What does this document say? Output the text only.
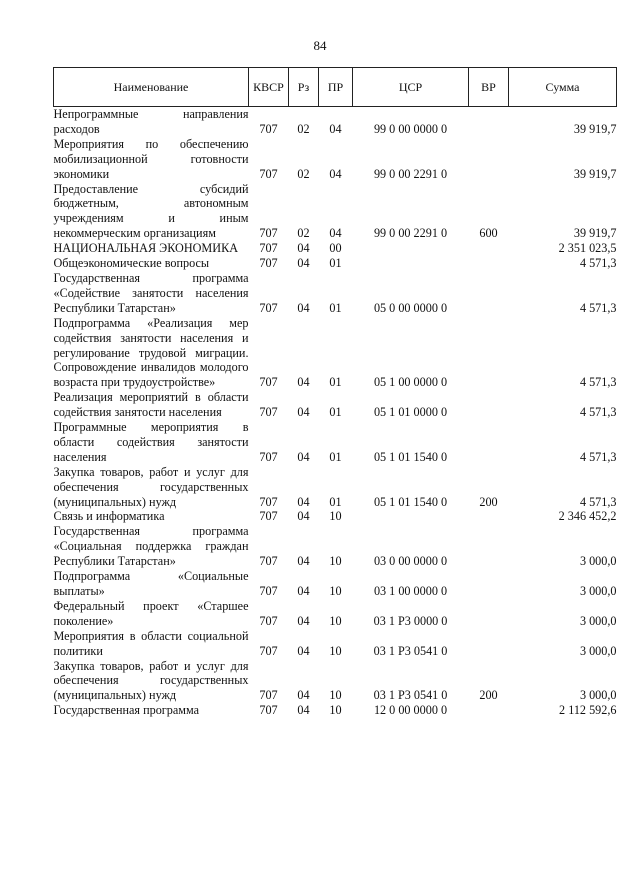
84
Наименование	КВСР	Рз	ПР	ЦСР	ВР	Сумма
Непрограммные направления расходов	707	02	04	99 0 00 0000 0		39 919,7
Мероприятия по обеспечению мобилизационной готовности экономики	707	02	04	99 0 00 2291 0		39 919,7
Предоставление субсидий бюджетным, автономным учреждениям и иным некоммерческим организациям	707	02	04	99 0 00 2291 0	600	39 919,7
НАЦИОНАЛЬНАЯ ЭКОНОМИКА	707	04	00			2 351 023,5
Общеэкономические вопросы	707	04	01			4 571,3
Государственная программа «Содействие занятости населения Республики Татарстан»	707	04	01	05 0 00 0000 0		4 571,3
Подпрограмма «Реализация мер содействия занятости населения и регулирование трудовой миграции. Сопровождение инвалидов молодого возраста при трудоустройстве»	707	04	01	05 1 00 0000 0		4 571,3
Реализация мероприятий в области содействия занятости населения	707	04	01	05 1 01 0000 0		4 571,3
Программные мероприятия в области содействия занятости населения	707	04	01	05 1 01 1540 0		4 571,3
Закупка товаров, работ и услуг для обеспечения государственных (муниципальных) нужд	707	04	01	05 1 01 1540 0	200	4 571,3
Связь и информатика	707	04	10			2 346 452,2
Государственная программа «Социальная поддержка граждан Республики Татарстан»	707	04	10	03 0 00 0000 0		3 000,0
Подпрограмма «Социальные выплаты»	707	04	10	03 1 00 0000 0		3 000,0
Федеральный проект «Старшее поколение»	707	04	10	03 1 P3 0000 0		3 000,0
Мероприятия в области социальной политики	707	04	10	03 1 P3 0541 0		3 000,0
Закупка товаров, работ и услуг для обеспечения государственных (муниципальных) нужд	707	04	10	03 1 P3 0541 0	200	3 000,0
Государственная программа	707	04	10	12 0 00 0000 0		2 112 592,6
